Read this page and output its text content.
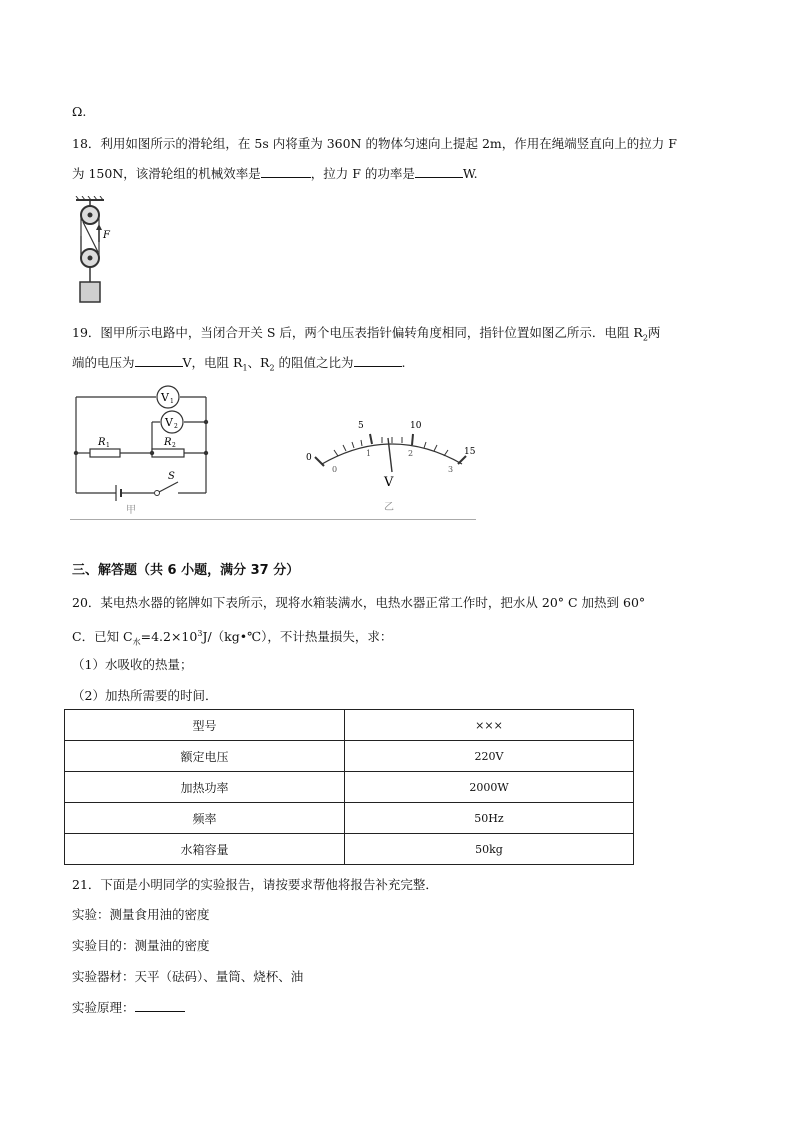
Ω.
18．利用如图所示的滑轮组，在 5s 内将重为 360N 的物体匀速向上提起 2m，作用在绳端竖直向上的拉力 F
为 150N，该滑轮组的机械效率是	，拉力 F 的功率是	W.
F
19．图甲所示电路中，当闭合开关 S 后，两个电压表指针偏转角度相同，指针位置如图乙所示．电阻 $R_2$两
端的电压为	V，电阻 $R_1$、$R_2$ 的阻值之比为	.
V 1
V 2
R 1	R 2
S
甲
0
5	10
15
0
1	2
3
V
乙
三、解答题（共 6 小题，满分 37 分）
20．某电热水器的铭牌如下表所示，现将水箱装满水，电热水器正常工作时，把水从 20° C 加热到 60°
C．已知 $C_水=4.2\times 10^3J/(kg•℃)$，不计热量损失，求：
（1）水吸收的热量；
（2）加热所需要的时间．
型号	×××
额定电压	220V
加热功率	2000W
频率	50Hz
水箱容量	50kg
21．下面是小明同学的实验报告，请按要求帮他将报告补充完整．
实验：测量食用油的密度
实验目的：测量油的密度
实验器材：天平（砝码）、量筒、烧杯、油
实验原理：
